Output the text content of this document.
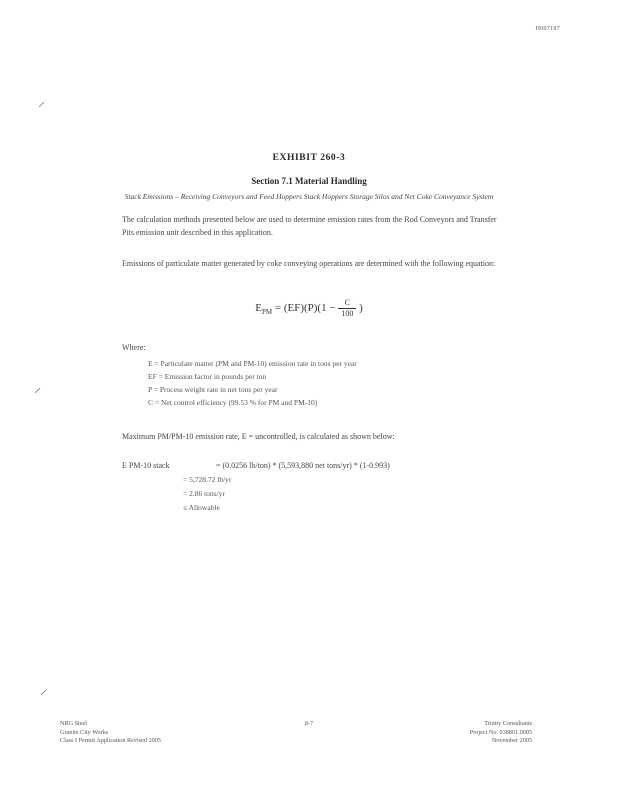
H007197
⸝
⸝
⸝
EXHIBIT 260-3
Section 7.1 Material Handling
Stack Emissions – Receiving Conveyors and Feed Hoppers Stack Hoppers Storage Silos and Net Coke Conveyance System
The calculation methods presented below are used to determine emission rates from the Rod Conveyors and Transfer Pits emission unit described in this application.
Emissions of particulate matter generated by coke conveying operations are determined with the following equation:
$E_{PM} = (EF)(P)(1 - \frac{C}{100}$ )
Where:
E = Particulate matter (PM and PM-10) emission rate in tons per year
EF = Emission factor in pounds per ton
P = Process weight rate in net tons per year
C = Net control efficiency (99.53 % for PM and PM-10)
Maximum PM/PM-10 emission rate, E = uncontrolled, is calculated as shown below:
E PM-10 stack	= (0.0256 lb/ton) * (5,593,880 net tons/yr) * (1-0.993)
= 5,728.72 lb/yr
= 2.86 tons/yr
≤ Allowable
NRG Steel
Granite City Works
Class I Permit Application Revised 2005
8-7	Trinity Consultants
Project No. 038801.0005
November 2005
